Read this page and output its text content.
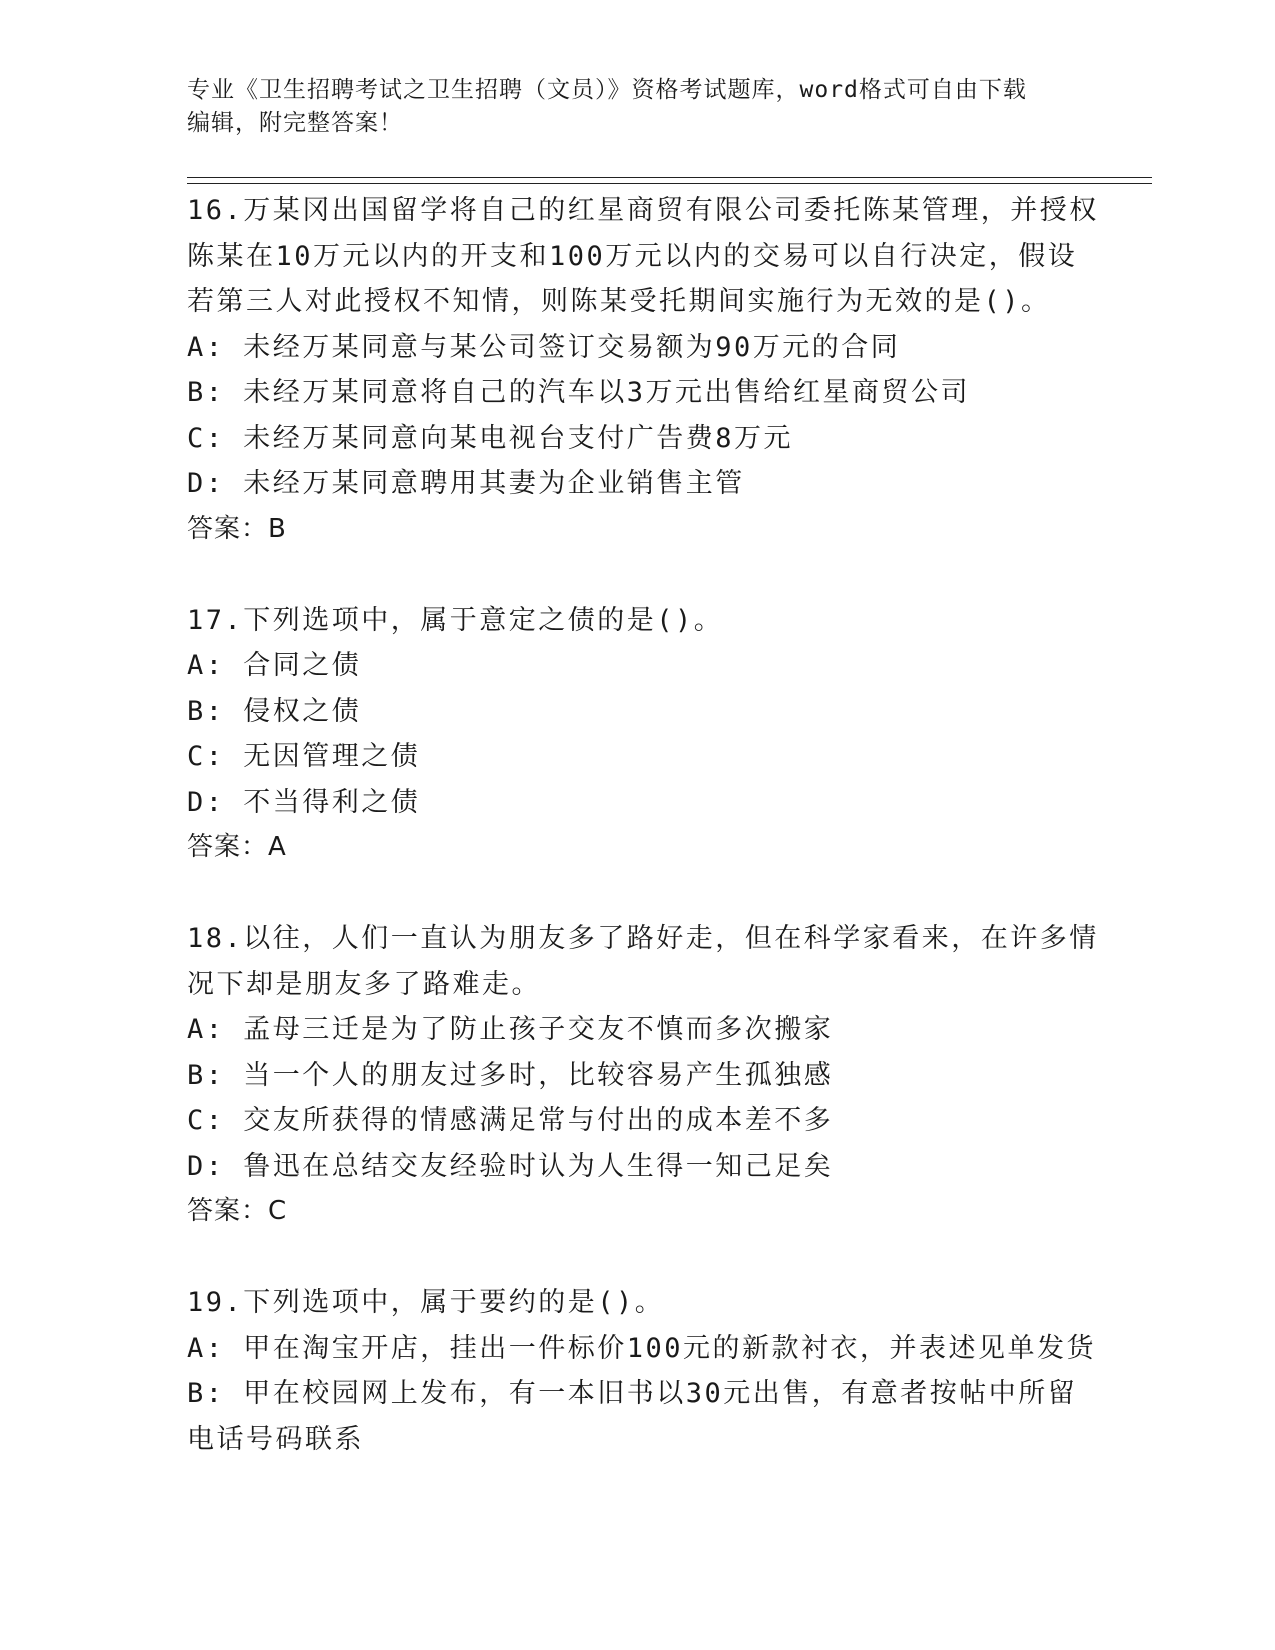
专业《卫生招聘考试之卫生招聘（文员）》资格考试题库，word格式可自由下载
编辑，附完整答案！
16.万某冈出国留学将自己的红星商贸有限公司委托陈某管理，并授权
陈某在10万元以内的开支和100万元以内的交易可以自行决定，假设
若第三人对此授权不知情，则陈某受托期间实施行为无效的是()。
A: 未经万某同意与某公司签订交易额为90万元的合同
B: 未经万某同意将自己的汽车以3万元出售给红星商贸公司
C: 未经万某同意向某电视台支付广告费8万元
D: 未经万某同意聘用其妻为企业销售主管
答案：B
17.下列选项中，属于意定之债的是()。
A: 合同之债
B: 侵权之债
C: 无因管理之债
D: 不当得利之债
答案：A
18.以往，人们一直认为朋友多了路好走，但在科学家看来，在许多情
况下却是朋友多了路难走。
A: 孟母三迁是为了防止孩子交友不慎而多次搬家
B: 当一个人的朋友过多时，比较容易产生孤独感
C: 交友所获得的情感满足常与付出的成本差不多
D: 鲁迅在总结交友经验时认为人生得一知己足矣
答案：C
19.下列选项中，属于要约的是()。
A: 甲在淘宝开店，挂出一件标价100元的新款衬衣，并表述见单发货
B: 甲在校园网上发布，有一本旧书以30元出售，有意者按帖中所留
电话号码联系
